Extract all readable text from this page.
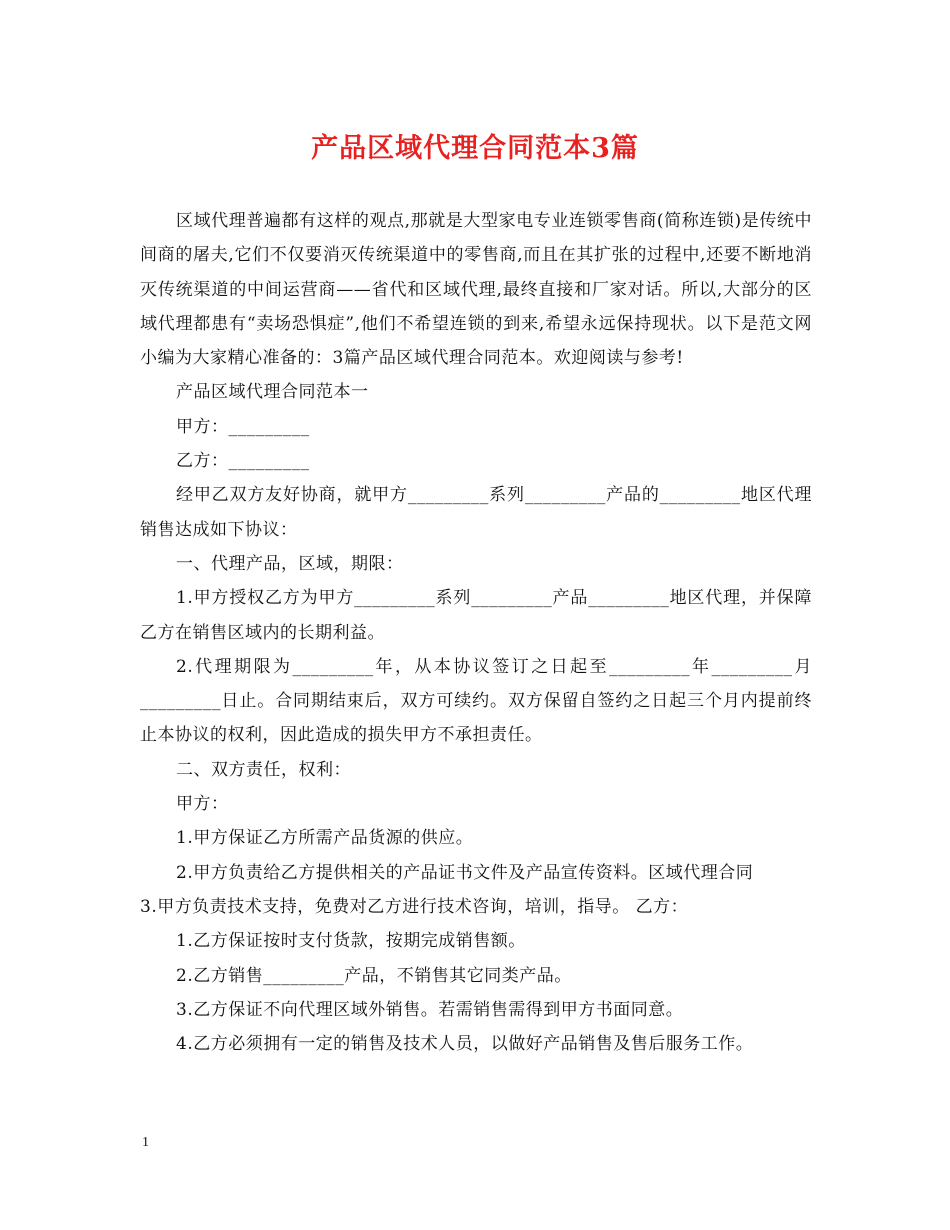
产品区域代理合同范本3篇

区域代理普遍都有这样的观点,那就是大型家电专业连锁零售商(简称连锁)是传统中间商的屠夫,它们不仅要消灭传统渠道中的零售商,而且在其扩张的过程中,还要不断地消灭传统渠道的中间运营商——省代和区域代理,最终直接和厂家对话。所以,大部分的区域代理都患有“卖场恐惧症”,他们不希望连锁的到来,希望永远保持现状。以下是范文网小编为大家精心准备的：3篇产品区域代理合同范本。欢迎阅读与参考!

产品区域代理合同范本一

甲方：_________

乙方：_________

经甲乙双方友好协商，就甲方_________系列_________产品的_________地区代理销售达成如下协议：

一、代理产品，区域，期限：

1.甲方授权乙方为甲方_________系列_________产品_________地区代理，并保障乙方在销售区域内的长期利益。

2.代理期限为_________年，从本协议签订之日起至_________年_________月_________日止。合同期结束后，双方可续约。双方保留自签约之日起三个月内提前终止本协议的权利，因此造成的损失甲方不承担责任。

二、双方责任，权利：

甲方：

1.甲方保证乙方所需产品货源的供应。

2.甲方负责给乙方提供相关的产品证书文件及产品宣传资料。区域代理合同

3.甲方负责技术支持，免费对乙方进行技术咨询，培训，指导。 乙方：

1.乙方保证按时支付货款，按期完成销售额。

2.乙方销售_________产品，不销售其它同类产品。

3.乙方保证不向代理区域外销售。若需销售需得到甲方书面同意。

4.乙方必须拥有一定的销售及技术人员，以做好产品销售及售后服务工作。

1
